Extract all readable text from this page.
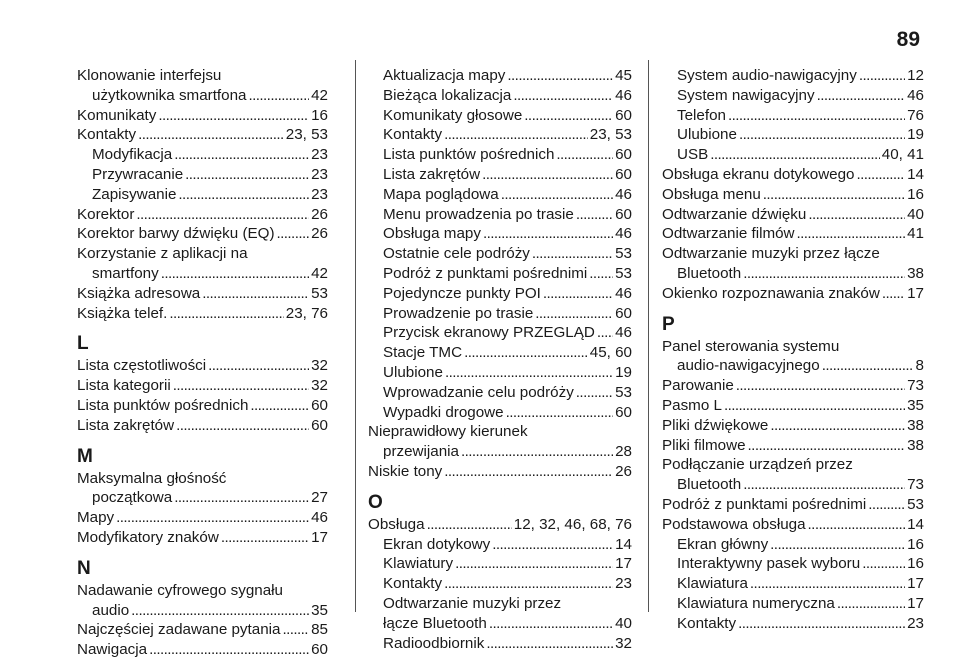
89
Klonowanie interfejsu
użytkownika smartfona . . .	42
Komunikaty . . .	16
Kontakty . . .	23, 53
Modyfikacja . . .	23
Przywracanie . . .	23
Zapisywanie . . .	23
Korektor . . .	26
Korektor barwy dźwięku (EQ) . . . 26
Korzystanie z aplikacji na
smartfony . . .	42
Książka adresowa . . .	53
Książka telef. . . .	23, 76
L
Lista częstotliwości . . .	32
Lista kategorii . . .	32
Lista punktów pośrednich . . .	60
Lista zakrętów . . .	60
M
Maksymalna głośność
początkowa . . .	27
Mapy . . .	46
Modyfikatory znaków . . .	17
N
Nadawanie cyfrowego sygnału
audio . . .	35
Najczęściej zadawane pytania . . . 85
Nawigacja . . .	60
Aktualizacja mapy . . .	45
Bieżąca lokalizacja . . .	46
Komunikaty głosowe . . .	60
Kontakty . . .	23, 53
Lista punktów pośrednich . . .	60
Lista zakrętów . . .	60
Mapa poglądowa . . .	46
Menu prowadzenia po trasie . . .	60
Obsługa mapy . . .	46
Ostatnie cele podróży . . .	53
Podróż z punktami pośrednimi . . . 53
Pojedyncze punkty POI . . .	46
Prowadzenie po trasie . . .	60
Przycisk ekranowy PRZEGLĄD . . . 46
Stacje TMC . . .	45, 60
Ulubione . . .	19
Wprowadzanie celu podróży . . .	53
Wypadki drogowe . . .	60
Nieprawidłowy kierunek
przewijania . . .	28
Niskie tony . . .	26
O
Obsługa . . .	12, 32, 46, 68, 76
Ekran dotykowy . . .	14
Klawiatury . . .	17
Kontakty . . .	23
Odtwarzanie muzyki przez
łącze Bluetooth . . .	40
Radioodbiornik . . .	32
System audio-nawigacyjny . . .	12
System nawigacyjny . . .	46
Telefon . . .	76
Ulubione . . .	19
USB . . .	40, 41
Obsługa ekranu dotykowego . . .	14
Obsługa menu . . .	16
Odtwarzanie dźwięku . . .	40
Odtwarzanie filmów . . .	41
Odtwarzanie muzyki przez łącze
Bluetooth . . .	38
Okienko rozpoznawania znaków . . . 17
P
Panel sterowania systemu
audio-nawigacyjnego . . .	8
Parowanie . . .	73
Pasmo L . . .	35
Pliki dźwiękowe . . .	38
Pliki filmowe . . .	38
Podłączanie urządzeń przez
Bluetooth . . .	73
Podróż z punktami pośrednimi . . .	53
Podstawowa obsługa . . .	14
Ekran główny . . .	16
Interaktywny pasek wyboru . . .	16
Klawiatura . . .	17
Klawiatura numeryczna . . .	17
Kontakty . . .	23
